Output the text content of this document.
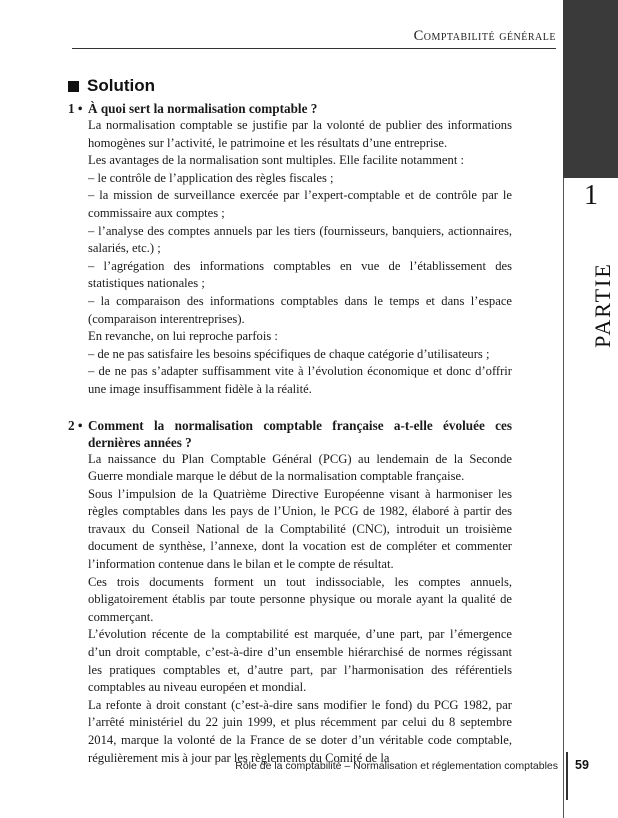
Comptabilité générale
1
PARTIE
Solution
1 • À quoi sert la normalisation comptable ?

La normalisation comptable se justifie par la volonté de publier des informations homogènes sur l’activité, le patrimoine et les résultats d’une entreprise.

Les avantages de la normalisation sont multiples. Elle facilite notamment :

– le contrôle de l’application des règles fiscales ;

– la mission de surveillance exercée par l’expert-comptable et de contrôle par le commissaire aux comptes ;

– l’analyse des comptes annuels par les tiers (fournisseurs, banquiers, actionnaires, salariés, etc.) ;

– l’agrégation des informations comptables en vue de l’établissement des statistiques nationales ;

– la comparaison des informations comptables dans le temps et dans l’espace (comparaison interentreprises).

En revanche, on lui reproche parfois :

– de ne pas satisfaire les besoins spécifiques de chaque catégorie d’utilisateurs ;

– de ne pas s’adapter suffisamment vite à l’évolution économique et donc d’offrir une image insuffisamment fidèle à la réalité.

2 • Comment la normalisation comptable française a-t-elle évoluée ces dernières années ?

La naissance du Plan Comptable Général (PCG) au lendemain de la Seconde Guerre mondiale marque le début de la normalisation comptable française.

Sous l’impulsion de la Quatrième Directive Européenne visant à harmoniser les règles comptables dans les pays de l’Union, le PCG de 1982, élaboré à partir des travaux du Conseil National de la Comptabilité (CNC), introduit un troisième document de synthèse, l’annexe, dont la vocation est de compléter et commenter l’information contenue dans le bilan et le compte de résultat.

Ces trois documents forment un tout indissociable, les comptes annuels, obligatoirement établis par toute personne physique ou morale ayant la qualité de commerçant.

L’évolution récente de la comptabilité est marquée, d’une part, par l’émergence d’un droit comptable, c’est-à-dire d’un ensemble hiérarchisé de normes régissant les pratiques comptables et, d’autre part, par l’harmonisation des référentiels comptables au niveau européen et mondial.

La refonte à droit constant (c’est-à-dire sans modifier le fond) du PCG 1982, par l’arrêté ministériel du 22 juin 1999, et plus récemment par celui du 8 septembre 2014, marque la volonté de la France de se doter d’un véritable code comptable, régulièrement mis à jour par les règlements du Comité de la

Rôle de la comptabilité – Normalisation et réglementation comptables 59
